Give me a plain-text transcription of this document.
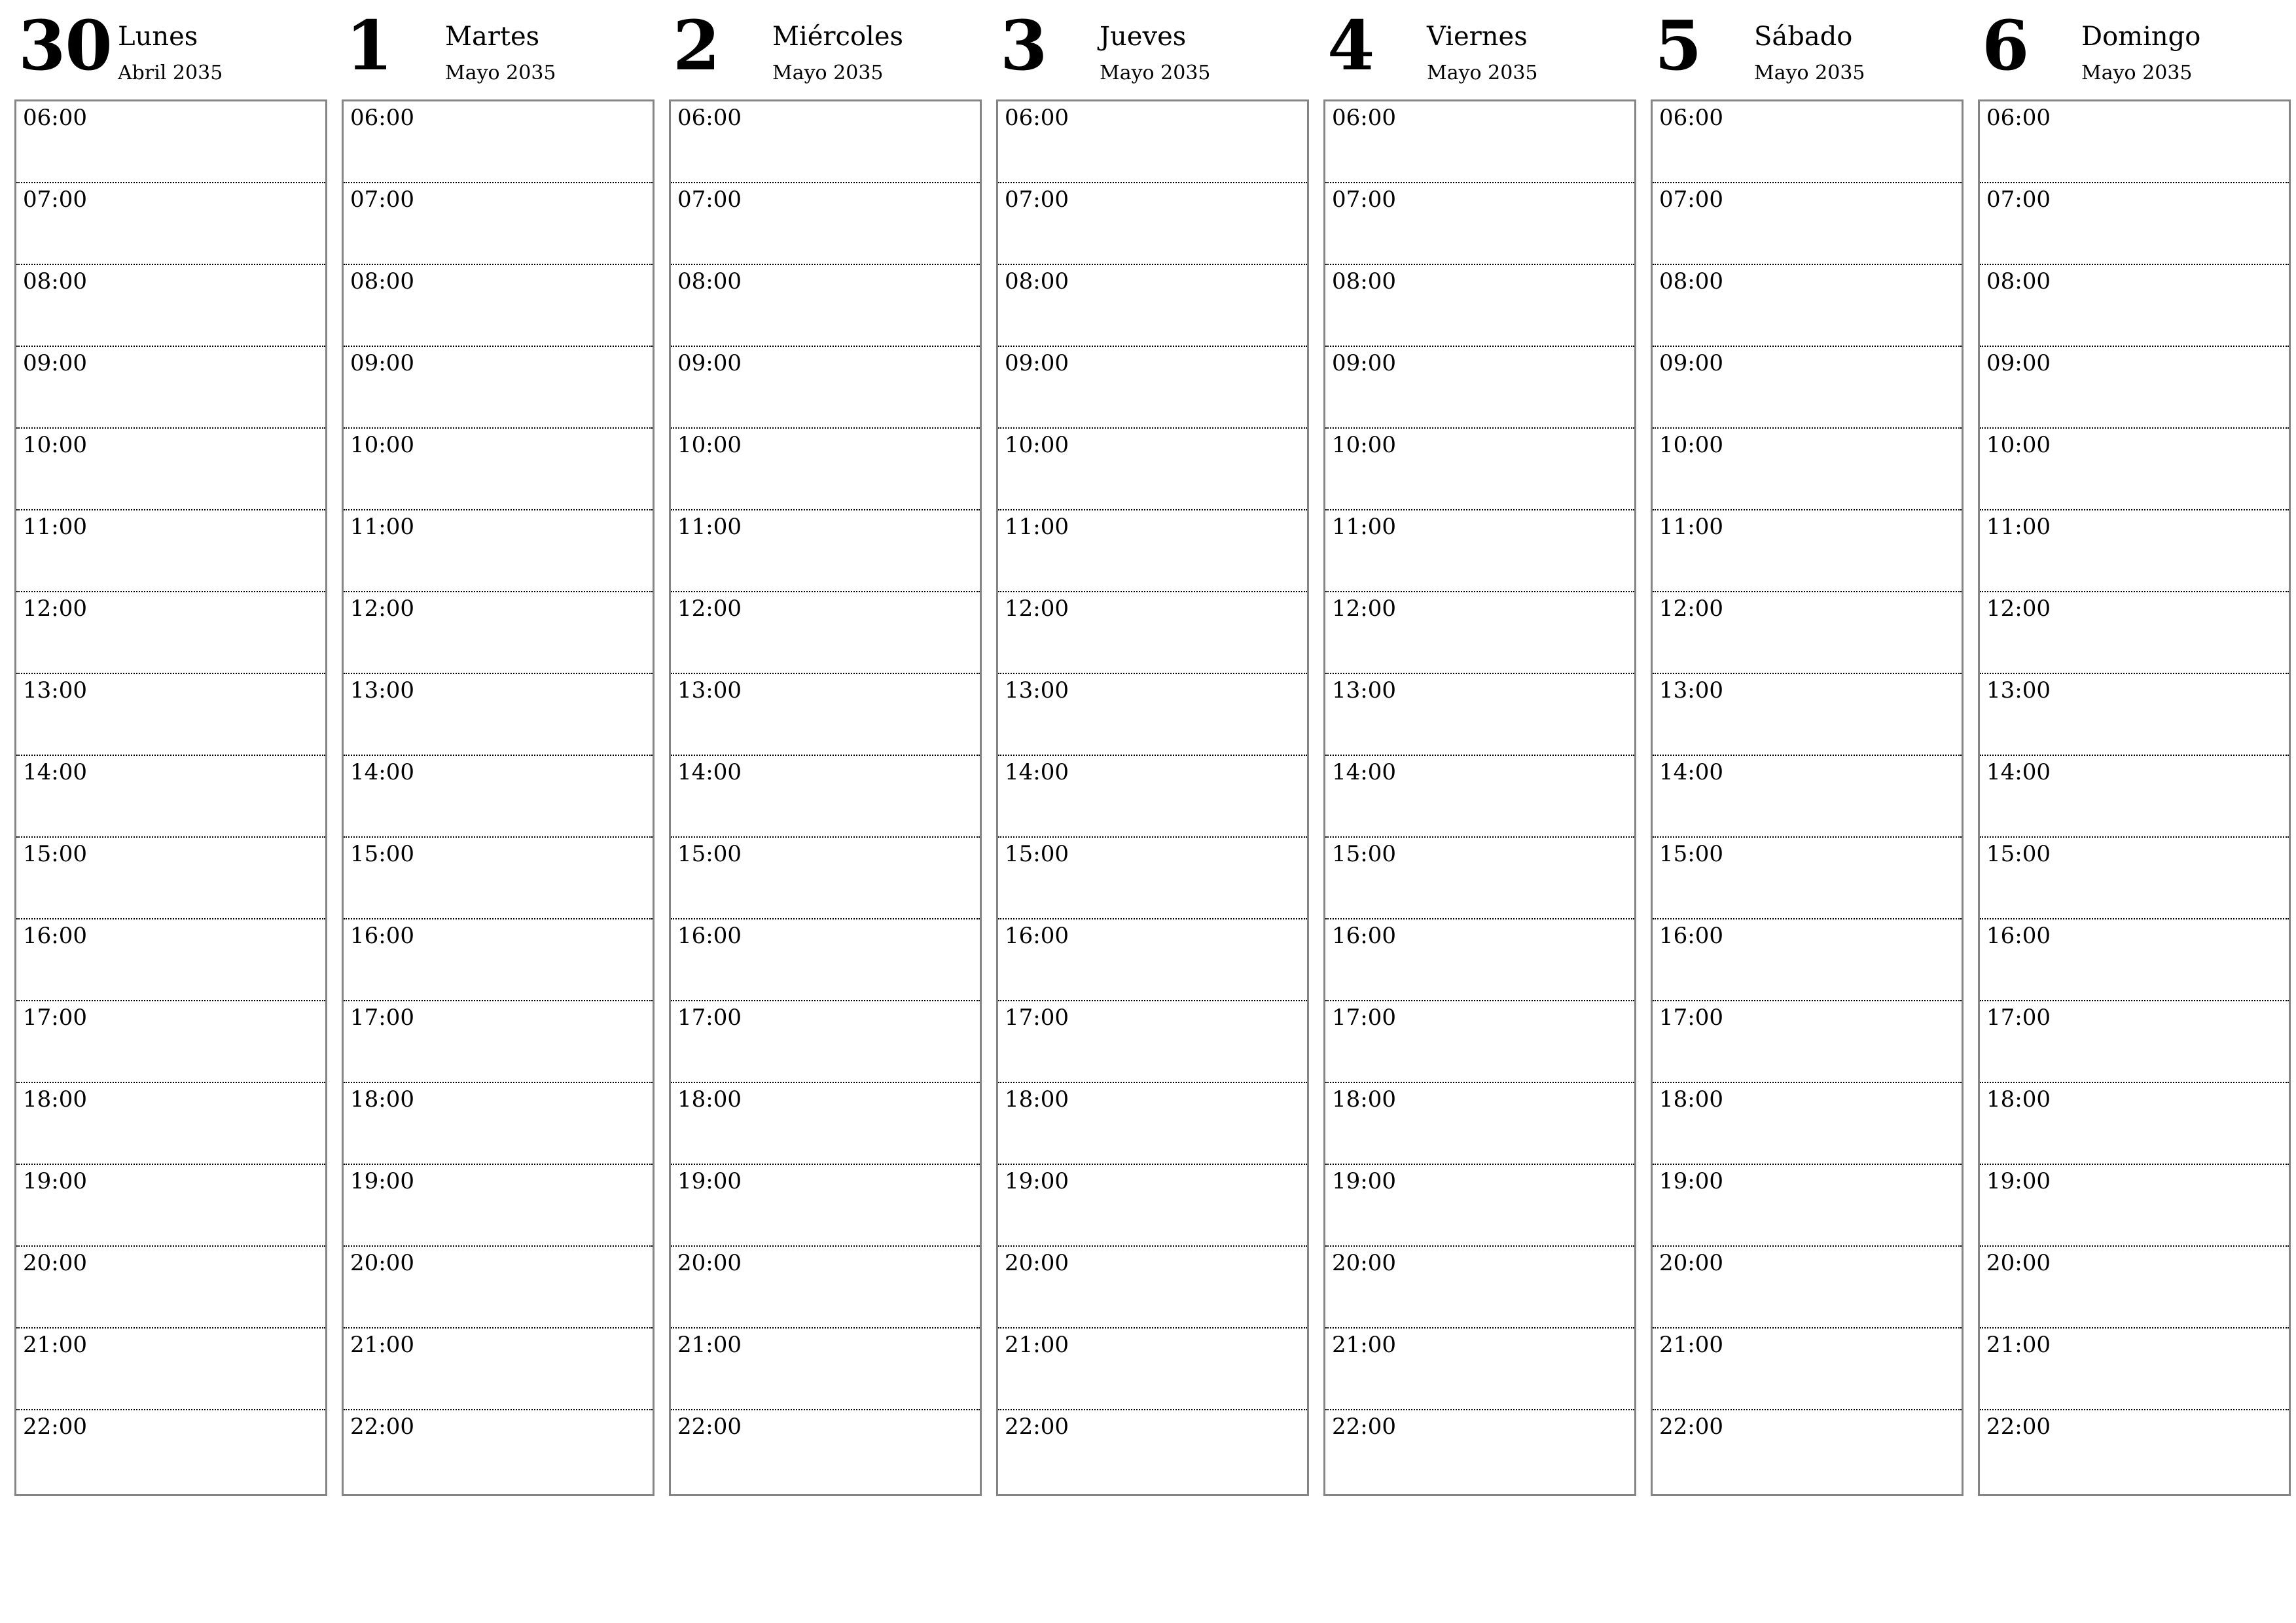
30 Lunes
Abril 2035
06:00
07:00
08:00
09:00
10:00
11:00
12:00
13:00
14:00
15:00
16:00
17:00
18:00
19:00
20:00
21:00
22:00
1 Martes
Mayo 2035
06:00
07:00
08:00
09:00
10:00
11:00
12:00
13:00
14:00
15:00
16:00
17:00
18:00
19:00
20:00
21:00
22:00
2 Miércoles
Mayo 2035
06:00
07:00
08:00
09:00
10:00
11:00
12:00
13:00
14:00
15:00
16:00
17:00
18:00
19:00
20:00
21:00
22:00
3 Jueves
Mayo 2035
06:00
07:00
08:00
09:00
10:00
11:00
12:00
13:00
14:00
15:00
16:00
17:00
18:00
19:00
20:00
21:00
22:00
4 Viernes
Mayo 2035
06:00
07:00
08:00
09:00
10:00
11:00
12:00
13:00
14:00
15:00
16:00
17:00
18:00
19:00
20:00
21:00
22:00
5 Sábado
Mayo 2035
06:00
07:00
08:00
09:00
10:00
11:00
12:00
13:00
14:00
15:00
16:00
17:00
18:00
19:00
20:00
21:00
22:00
6 Domingo
Mayo 2035
06:00
07:00
08:00
09:00
10:00
11:00
12:00
13:00
14:00
15:00
16:00
17:00
18:00
19:00
20:00
21:00
22:00
